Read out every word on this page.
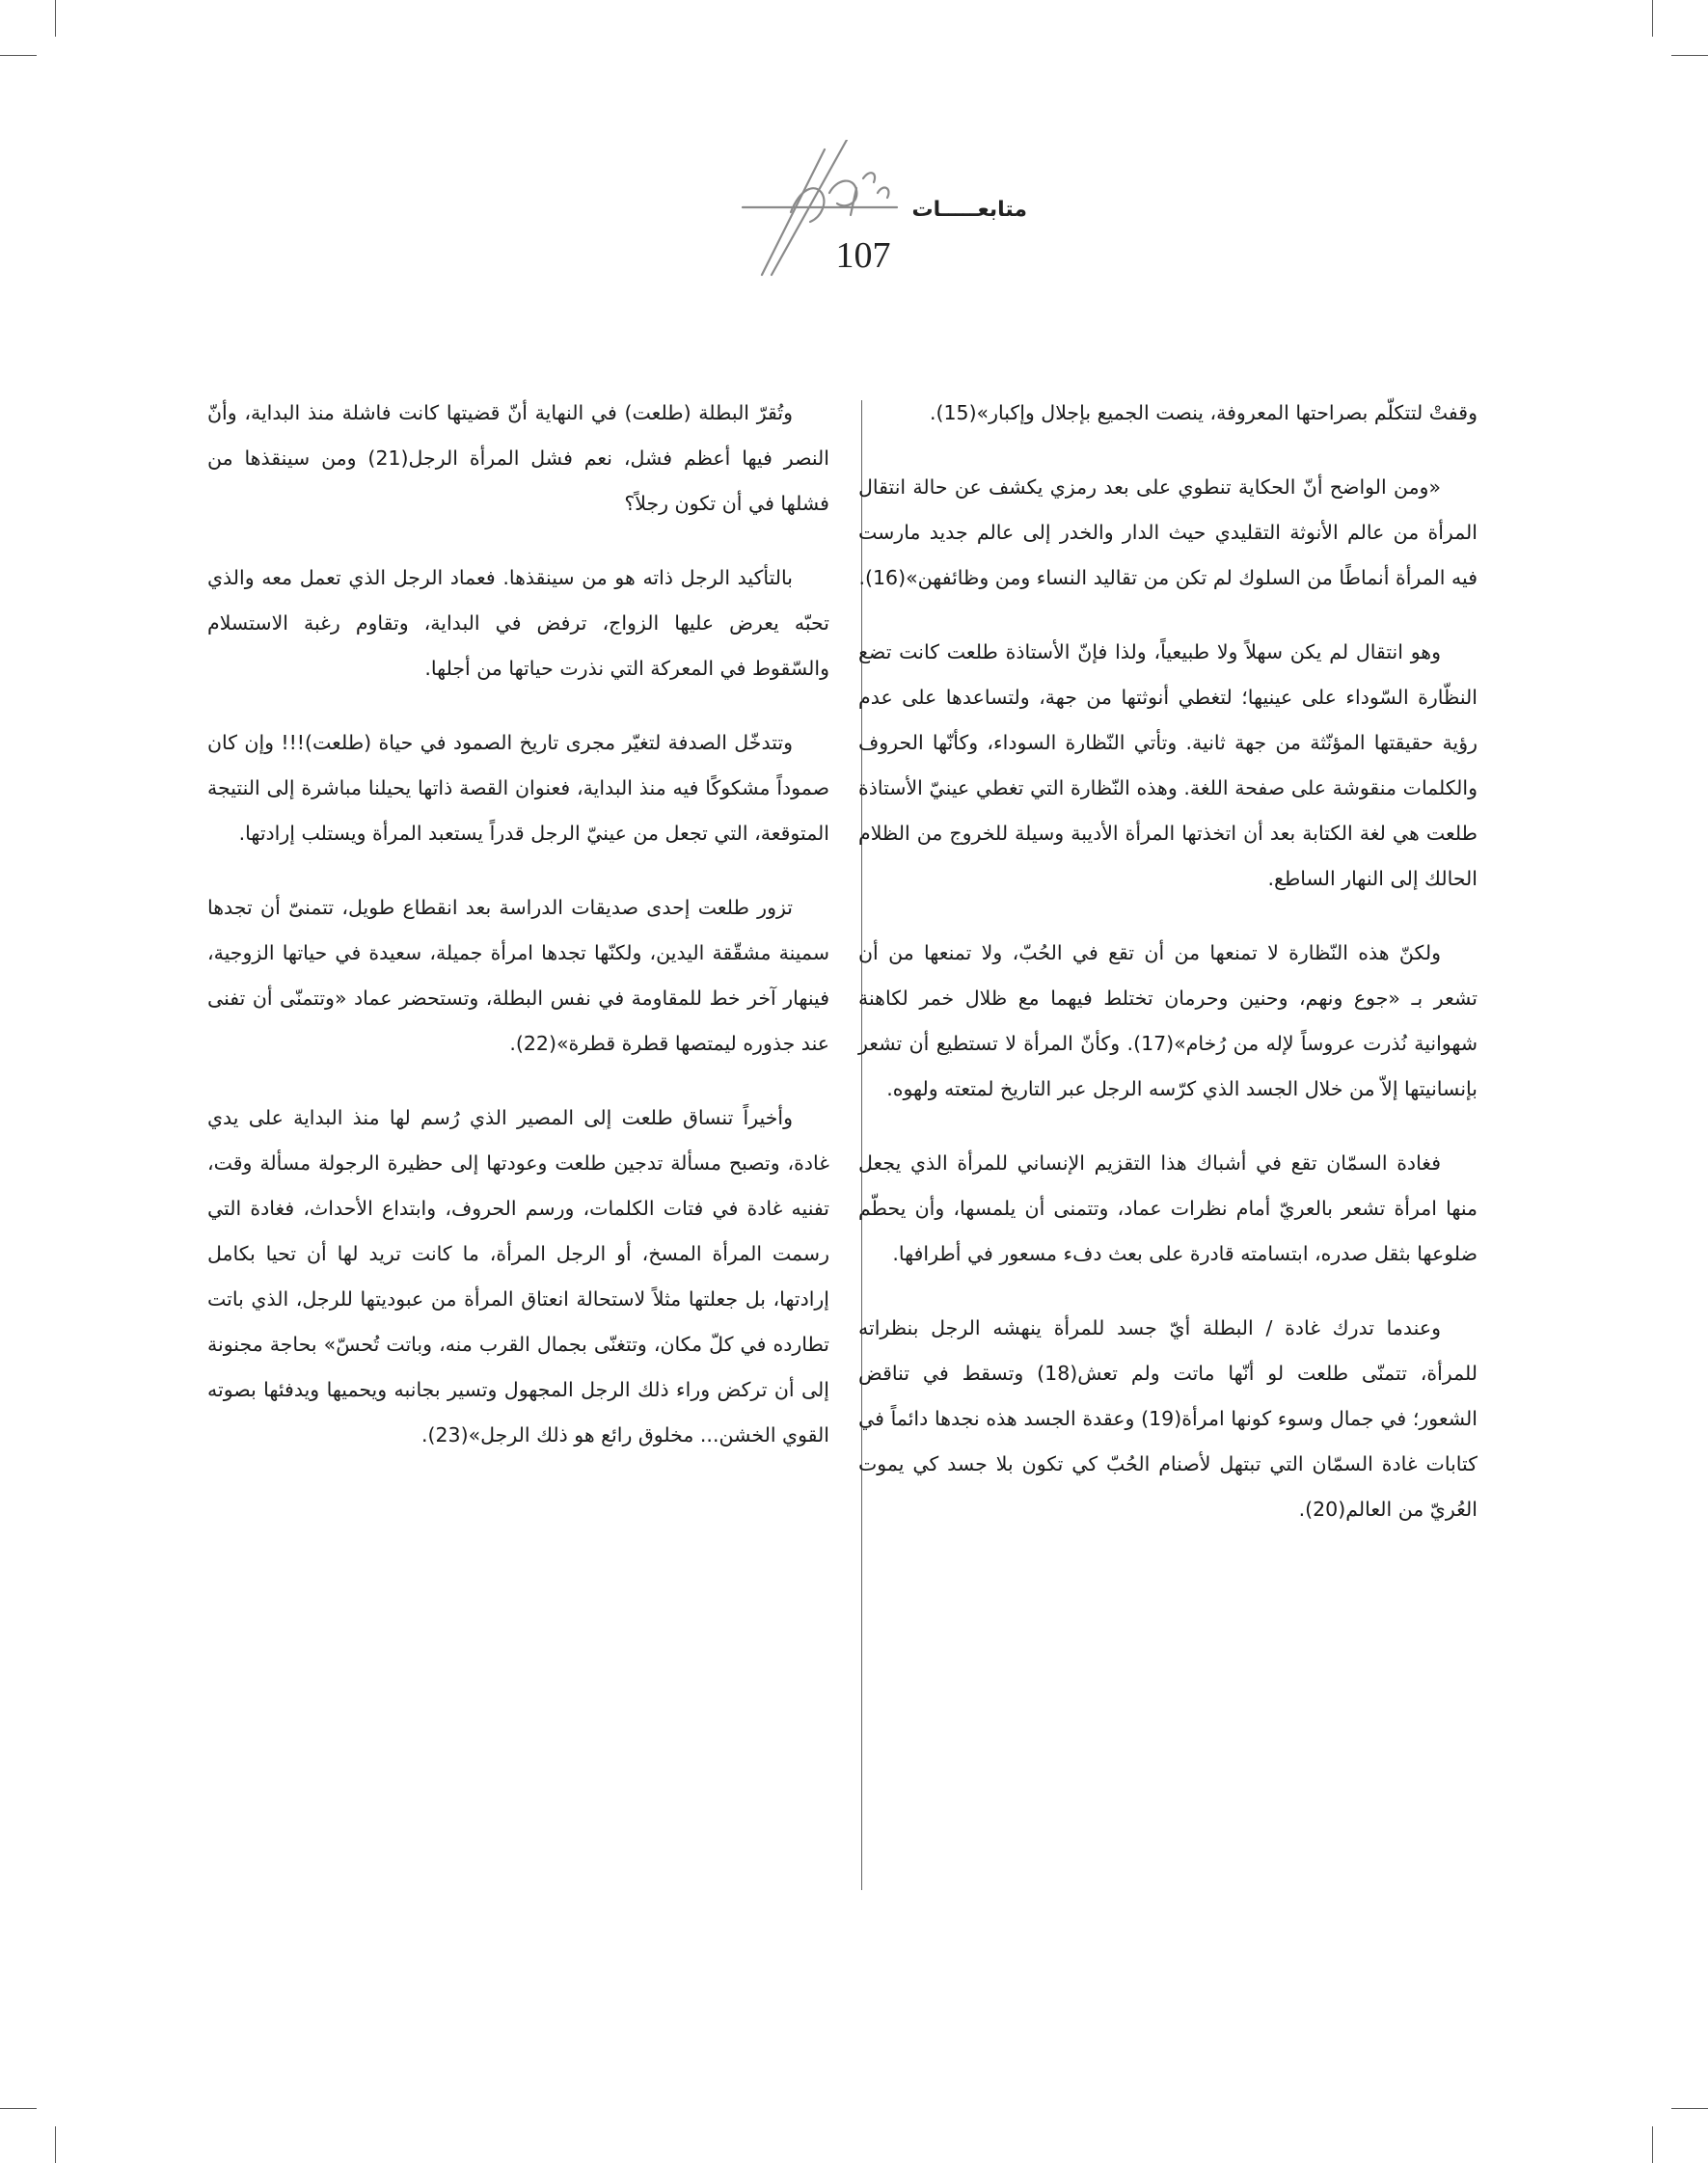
متابعـــــات
107

وقفتْ لتتكلّم بصراحتها المعروفة، ينصت الجميع بإجلال وإكبار»(15).

«ومن الواضح أنّ الحكاية تنطوي على بعد رمزي يكشف عن حالة انتقال المرأة من عالم الأنوثة التقليدي حيث الدار والخدر إلى عالم جديد مارست فيه المرأة أنماطًا من السلوك لم تكن من تقاليد النساء ومن وظائفهن»(16).

وهو انتقال لم يكن سهلاً ولا طبيعياً، ولذا فإنّ الأستاذة طلعت كانت تضع النظّارة السّوداء على عينيها؛ لتغطي أنوثتها من جهة، ولتساعدها على عدم رؤية حقيقتها المؤنّثة من جهة ثانية. وتأتي النّظارة السوداء، وكأنّها الحروف والكلمات منقوشة على صفحة اللغة. وهذه النّظارة التي تغطي عينيّ الأستاذة طلعت هي لغة الكتابة بعد أن اتخذتها المرأة الأديبة وسيلة للخروج من الظلام الحالك إلى النهار الساطع.

ولكنّ هذه النّظارة لا تمنعها من أن تقع في الحُبّ، ولا تمنعها من أن تشعر بـ «جوع ونهم، وحنين وحرمان تختلط فيهما مع ظلال خمر لكاهنة شهوانية نُذرت عروساً لإله من رُخام»(17). وكأنّ المرأة لا تستطيع أن تشعر بإنسانيتها إلاّ من خلال الجسد الذي كرّسه الرجل عبر التاريخ لمتعته ولهوه.

فغادة السمّان تقع في أشباك هذا التقزيم الإنساني للمرأة الذي يجعل منها امرأة تشعر بالعريّ أمام نظرات عماد، وتتمنى أن يلمسها، وأن يحطّم ضلوعها بثقل صدره، ابتسامته قادرة على بعث دفء مسعور في أطرافها.

وعندما تدرك غادة / البطلة أيّ جسد للمرأة ينهشه الرجل بنظراته للمرأة، تتمنّى طلعت لو أنّها ماتت ولم تعش(18) وتسقط في تناقض الشعور؛ في جمال وسوء كونها امرأة(19) وعقدة الجسد هذه نجدها دائماً في كتابات غادة السمّان التي تبتهل لأصنام الحُبّ كي تكون بلا جسد كي يموت العُريّ من العالم(20).

وتُقرّ البطلة (طلعت) في النهاية أنّ قضيتها كانت فاشلة منذ البداية، وأنّ النصر فيها أعظم فشل، نعم فشل المرأة الرجل(21) ومن سينقذها من فشلها في أن تكون رجلاً؟

بالتأكيد الرجل ذاته هو من سينقذها. فعماد الرجل الذي تعمل معه والذي تحبّه يعرض عليها الزواج، ترفض في البداية، وتقاوم رغبة الاستسلام والسّقوط في المعركة التي نذرت حياتها من أجلها.

وتتدخّل الصدفة لتغيّر مجرى تاريخ الصمود في حياة (طلعت)!!! وإن كان صموداً مشكوكًا فيه منذ البداية، فعنوان القصة ذاتها يحيلنا مباشرة إلى النتيجة المتوقعة، التي تجعل من عينيّ الرجل قدراً يستعبد المرأة ويستلب إرادتها.

تزور طلعت إحدى صديقات الدراسة بعد انقطاع طويل، تتمنىّ أن تجدها سمينة مشقّقة اليدين، ولكنّها تجدها امرأة جميلة، سعيدة في حياتها الزوجية، فينهار آخر خط للمقاومة في نفس البطلة، وتستحضر عماد «وتتمنّى أن تفنى عند جذوره ليمتصها قطرة قطرة»(22).

وأخيراً تنساق طلعت إلى المصير الذي رُسم لها منذ البداية على يدي غادة، وتصبح مسألة تدجين طلعت وعودتها إلى حظيرة الرجولة مسألة وقت، تفنيه غادة في فتات الكلمات، ورسم الحروف، وابتداع الأحداث، فغادة التي رسمت المرأة المسخ، أو الرجل المرأة، ما كانت تريد لها أن تحيا بكامل إرادتها، بل جعلتها مثلاً لاستحالة انعتاق المرأة من عبوديتها للرجل، الذي باتت تطارده في كلّ مكان، وتتغنّى بجمال القرب منه، وباتت تُحسّ» بحاجة مجنونة إلى أن تركض وراء ذلك الرجل المجهول وتسير بجانبه ويحميها ويدفئها بصوته القوي الخشن... مخلوق رائع هو ذلك الرجل»(23).
